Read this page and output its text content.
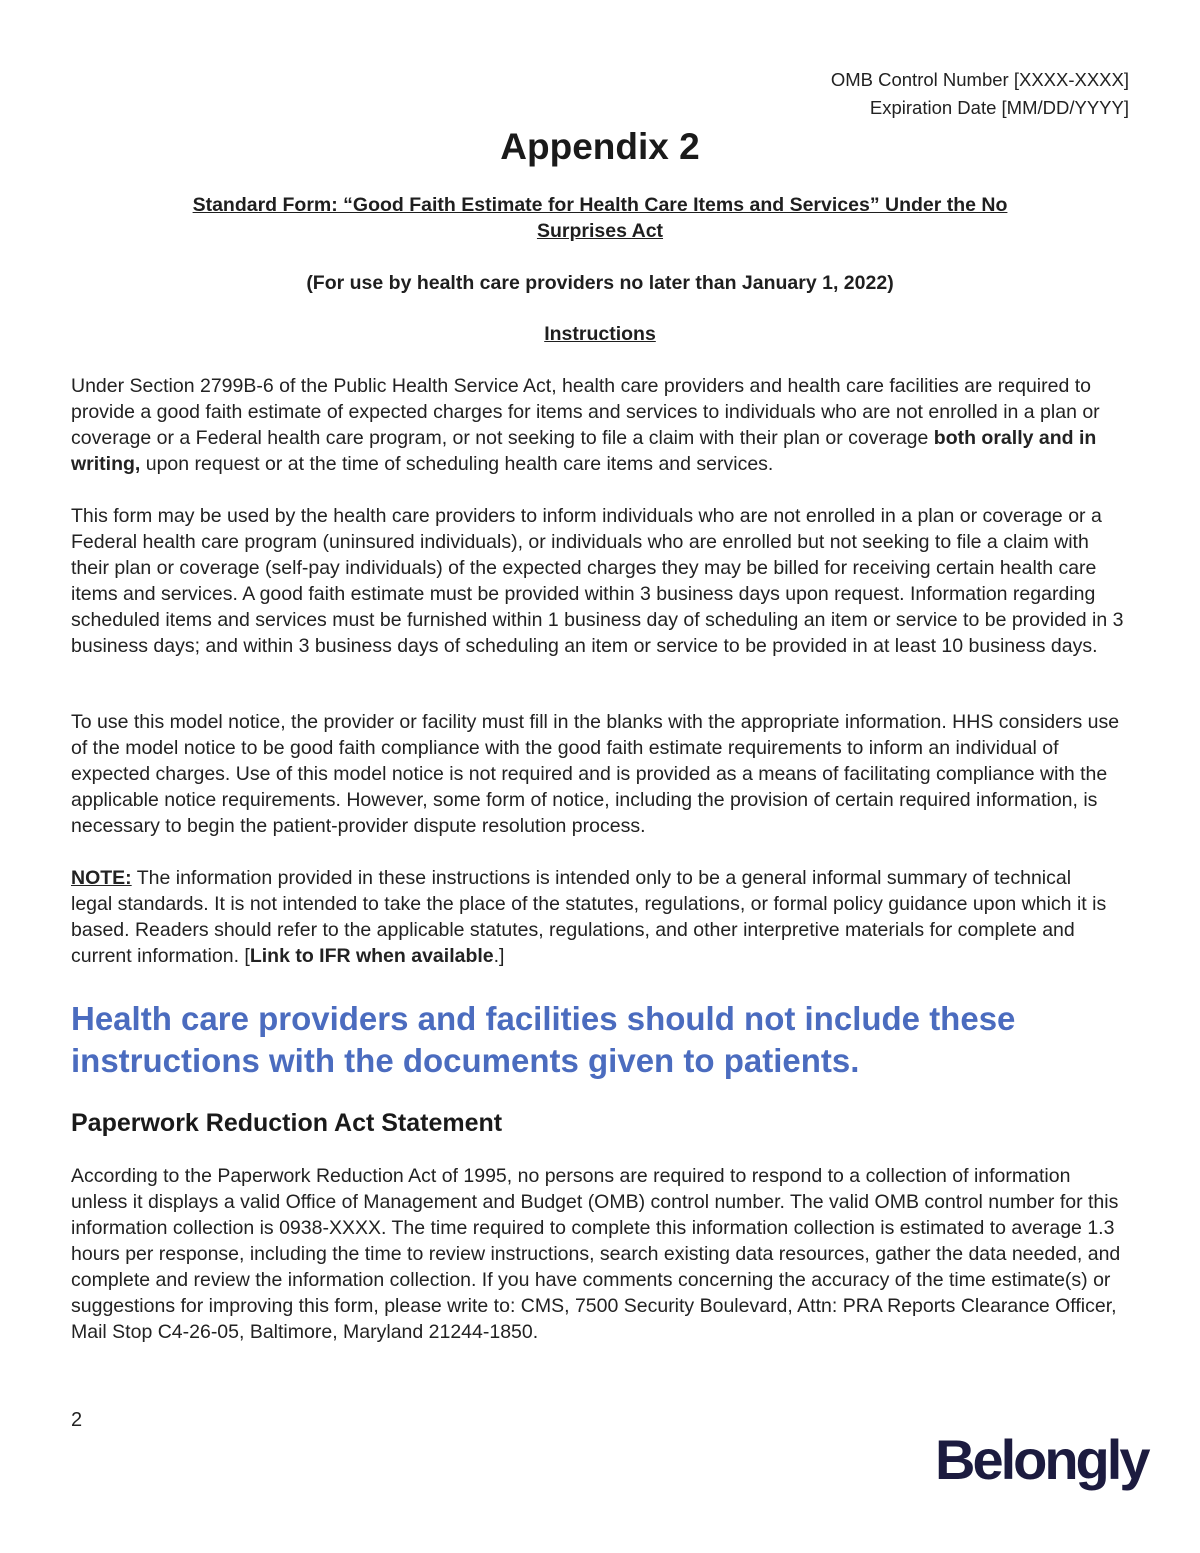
OMB Control Number [XXXX-XXXX]
Expiration Date [MM/DD/YYYY]
Appendix 2
Standard Form: “Good Faith Estimate for Health Care Items and Services” Under the No Surprises Act
(For use by health care providers no later than January 1, 2022)
Instructions

Under Section 2799B-6 of the Public Health Service Act, health care providers and health care facilities are required to provide a good faith estimate of expected charges for items and services to individuals who are not enrolled in a plan or coverage or a Federal health care program, or not seeking to file a claim with their plan or coverage both orally and in writing, upon request or at the time of scheduling health care items and services.

This form may be used by the health care providers to inform individuals who are not enrolled in a plan or coverage or a Federal health care program (uninsured individuals), or individuals who are enrolled but not seeking to file a claim with their plan or coverage (self-pay individuals) of the expected charges they may be billed for receiving certain health care items and services. A good faith estimate must be provided within 3 business days upon request. Information regarding scheduled items and services must be furnished within 1 business day of scheduling an item or service to be provided in 3 business days; and within 3 business days of scheduling an item or service to be provided in at least 10 business days.

To use this model notice, the provider or facility must fill in the blanks with the appropriate information. HHS considers use of the model notice to be good faith compliance with the good faith estimate requirements to inform an individual of expected charges. Use of this model notice is not required and is provided as a means of facilitating compliance with the applicable notice requirements. However, some form of notice, including the provision of certain required information, is necessary to begin the patient-provider dispute resolution process.

NOTE: The information provided in these instructions is intended only to be a general informal summary of technical legal standards. It is not intended to take the place of the statutes, regulations, or formal policy guidance upon which it is based. Readers should refer to the applicable statutes, regulations, and other interpretive materials for complete and current information. [Link to IFR when available.]

Health care providers and facilities should not include these instructions with the documents given to patients.
Paperwork Reduction Act Statement

According to the Paperwork Reduction Act of 1995, no persons are required to respond to a collection of information unless it displays a valid Office of Management and Budget (OMB) control number. The valid OMB control number for this information collection is 0938-XXXX. The time required to complete this information collection is estimated to average 1.3 hours per response, including the time to review instructions, search existing data resources, gather the data needed, and complete and review the information collection. If you have comments concerning the accuracy of the time estimate(s) or suggestions for improving this form, please write to: CMS, 7500 Security Boulevard, Attn: PRA Reports Clearance Officer, Mail Stop C4-26-05, Baltimore, Maryland 21244-1850.

2
Belongly
